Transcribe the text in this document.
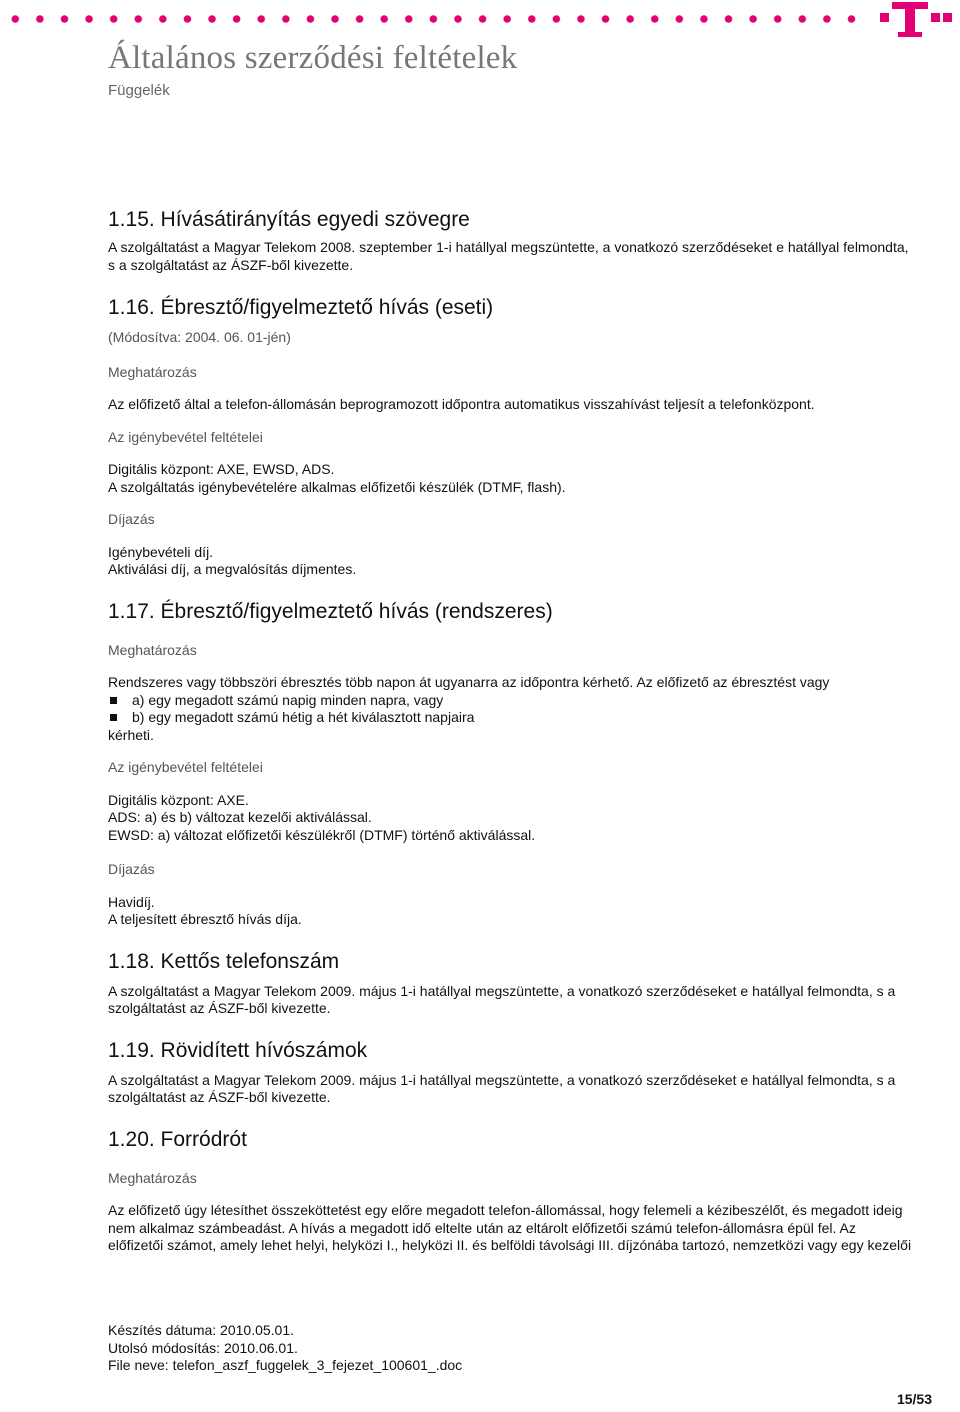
Általános szerződési feltételek
Függelék
1.15. Hívásátirányítás egyedi szövegre

A szolgáltatást a Magyar Telekom 2008. szeptember 1-i hatállyal megszüntette, a vonatkozó szerződéseket e hatállyal felmondta,

s a szolgáltatást az ÁSZF-ből kivezette.

1.16. Ébresztő/figyelmeztető hívás (eseti)

(Módosítva: 2004. 06. 01-jén)

Meghatározás

Az előfizető által a telefon-állomásán beprogramozott időpontra automatikus visszahívást teljesít a telefonközpont.

Az igénybevétel feltételei

Digitális központ: AXE, EWSD, ADS.

A szolgáltatás igénybevételére alkalmas előfizetői készülék (DTMF, flash).

Díjazás

Igénybevételi díj.

Aktiválási díj, a megvalósítás díjmentes.

1.17. Ébresztő/figyelmeztető hívás (rendszeres)

Meghatározás

Rendszeres vagy többszöri ébresztés több napon át ugyanarra az időpontra kérhető. Az előfizető az ébresztést vagy

a) egy megadott számú napig minden napra, vagy
b) egy megadott számú hétig a hét kiválasztott napjaira

kérheti.

Az igénybevétel feltételei

Digitális központ: AXE.

ADS: a) és b) változat kezelői aktiválással.

EWSD: a) változat előfizetői készülékről (DTMF) történő aktiválással.

Díjazás

Havidíj.

A teljesített ébresztő hívás díja.

1.18. Kettős telefonszám

A szolgáltatást a Magyar Telekom 2009. május 1-i hatállyal megszüntette, a vonatkozó szerződéseket e hatállyal felmondta, s a

szolgáltatást az ÁSZF-ből kivezette.

1.19. Rövidített hívószámok

A szolgáltatást a Magyar Telekom 2009. május 1-i hatállyal megszüntette, a vonatkozó szerződéseket e hatállyal felmondta, s a

szolgáltatást az ÁSZF-ből kivezette.

1.20. Forródrót

Meghatározás

Az előfizető úgy létesíthet összeköttetést egy előre megadott telefon-állomással, hogy felemeli a kézibeszélőt, és megadott ideig

nem alkalmaz számbeadást. A hívás a megadott idő eltelte után az eltárolt előfizetői számú telefon-állomásra épül fel. Az

előfizetői számot, amely lehet helyi, helyközi I., helyközi II. és belföldi távolsági III. díjzónába tartozó, nemzetközi vagy egy kezelői

Készítés dátuma: 2010.05.01.
Utolsó módosítás: 2010.06.01.
File neve: telefon_aszf_fuggelek_3_fejezet_100601_.doc
15/53
